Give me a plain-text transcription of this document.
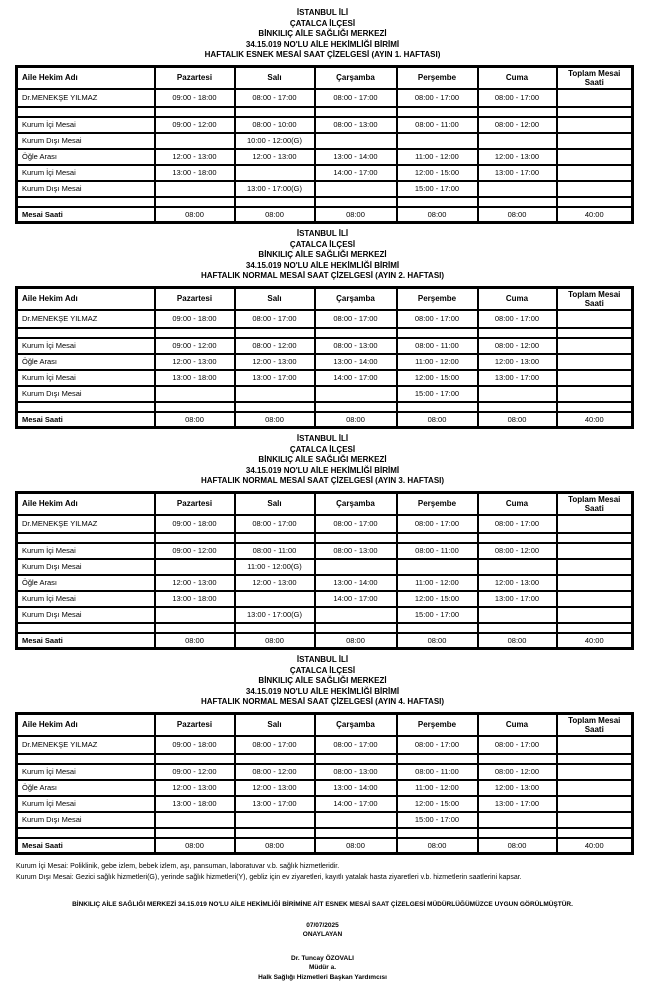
İSTANBUL İLİ
ÇATALCA İLÇESİ
BİNKILIÇ AİLE SAĞLIĞI MERKEZİ
34.15.019 NO'LU AİLE HEKİMLİĞİ BİRİMİ
HAFTALIK ESNEK MESAİ SAAT ÇİZELGESİ (AYIN 1. HAFTASI)
Aile Hekim Adı	Pazartesi	Salı	Çarşamba	Perşembe	Cuma	Toplam Mesai Saati
Dr.MENEKŞE YILMAZ	09:00 - 18:00	08:00 - 17:00	08:00 - 17:00	08:00 - 17:00	08:00 - 17:00	

Kurum İçi Mesai	09:00 - 12:00	08:00 - 10:00	08:00 - 13:00	08:00 - 11:00	08:00 - 12:00	
Kurum Dışı Mesai		10:00 - 12:00(G)				
Öğle Arası	12:00 - 13:00	12:00 - 13:00	13:00 - 14:00	11:00 - 12:00	12:00 - 13:00	
Kurum İçi Mesai	13:00 - 18:00		14:00 - 17:00	12:00 - 15:00	13:00 - 17:00	
Kurum Dışı Mesai		13:00 - 17:00(G)		15:00 - 17:00		

Mesai Saati	08:00	08:00	08:00	08:00	08:00	40:00
İSTANBUL İLİ
ÇATALCA İLÇESİ
BİNKILIÇ AİLE SAĞLIĞI MERKEZİ
34.15.019 NO'LU AİLE HEKİMLİĞİ BİRİMİ
HAFTALIK NORMAL MESAİ SAAT ÇİZELGESİ (AYIN 2. HAFTASI)
Aile Hekim Adı	Pazartesi	Salı	Çarşamba	Perşembe	Cuma	Toplam Mesai Saati
Dr.MENEKŞE YILMAZ	09:00 - 18:00	08:00 - 17:00	08:00 - 17:00	08:00 - 17:00	08:00 - 17:00	

Kurum İçi Mesai	09:00 - 12:00	08:00 - 12:00	08:00 - 13:00	08:00 - 11:00	08:00 - 12:00	
Öğle Arası	12:00 - 13:00	12:00 - 13:00	13:00 - 14:00	11:00 - 12:00	12:00 - 13:00	
Kurum İçi Mesai	13:00 - 18:00	13:00 - 17:00	14:00 - 17:00	12:00 - 15:00	13:00 - 17:00	
Kurum Dışı Mesai				15:00 - 17:00		

Mesai Saati	08:00	08:00	08:00	08:00	08:00	40:00
İSTANBUL İLİ
ÇATALCA İLÇESİ
BİNKILIÇ AİLE SAĞLIĞI MERKEZİ
34.15.019 NO'LU AİLE HEKİMLİĞİ BİRİMİ
HAFTALIK NORMAL MESAİ SAAT ÇİZELGESİ (AYIN 3. HAFTASI)
Aile Hekim Adı	Pazartesi	Salı	Çarşamba	Perşembe	Cuma	Toplam Mesai Saati
Dr.MENEKŞE YILMAZ	09:00 - 18:00	08:00 - 17:00	08:00 - 17:00	08:00 - 17:00	08:00 - 17:00	

Kurum İçi Mesai	09:00 - 12:00	08:00 - 11:00	08:00 - 13:00	08:00 - 11:00	08:00 - 12:00	
Kurum Dışı Mesai		11:00 - 12:00(G)				
Öğle Arası	12:00 - 13:00	12:00 - 13:00	13:00 - 14:00	11:00 - 12:00	12:00 - 13:00	
Kurum İçi Mesai	13:00 - 18:00		14:00 - 17:00	12:00 - 15:00	13:00 - 17:00	
Kurum Dışı Mesai		13:00 - 17:00(G)		15:00 - 17:00		

Mesai Saati	08:00	08:00	08:00	08:00	08:00	40:00
İSTANBUL İLİ
ÇATALCA İLÇESİ
BİNKILIÇ AİLE SAĞLIĞI MERKEZİ
34.15.019 NO'LU AİLE HEKİMLİĞİ BİRİMİ
HAFTALIK NORMAL MESAİ SAAT ÇİZELGESİ (AYIN 4. HAFTASI)
Aile Hekim Adı	Pazartesi	Salı	Çarşamba	Perşembe	Cuma	Toplam Mesai Saati
Dr.MENEKŞE YILMAZ	09:00 - 18:00	08:00 - 17:00	08:00 - 17:00	08:00 - 17:00	08:00 - 17:00	

Kurum İçi Mesai	09:00 - 12:00	08:00 - 12:00	08:00 - 13:00	08:00 - 11:00	08:00 - 12:00	
Öğle Arası	12:00 - 13:00	12:00 - 13:00	13:00 - 14:00	11:00 - 12:00	12:00 - 13:00	
Kurum İçi Mesai	13:00 - 18:00	13:00 - 17:00	14:00 - 17:00	12:00 - 15:00	13:00 - 17:00	
Kurum Dışı Mesai				15:00 - 17:00		

Mesai Saati	08:00	08:00	08:00	08:00	08:00	40:00
Kurum İçi Mesai: Poliklinik, gebe izlem, bebek izlem, aşı, pansuman, laboratuvar v.b. sağlık hizmetleridir.
Kurum Dışı Mesai: Gezici sağlık hizmetleri(G), yerinde sağlık hizmetleri(Y), gebliz için ev ziyaretleri, kayıtlı yatalak hasta ziyaretleri v.b. hizmetlerin saatlerini kapsar.
BİNKILIÇ AİLE SAĞLIĞI MERKEZİ 34.15.019 NO'LU AİLE HEKİMLİĞİ BİRİMİNE AİT ESNEK MESAİ SAAT ÇİZELGESİ MÜDÜRLÜĞÜMÜZCE UYGUN GÖRÜLMÜŞTÜR.
07/07/2025
ONAYLAYAN
Dr. Tuncay ÖZOVALI
Müdür a.
Halk Sağlığı Hizmetleri Başkan Yardımcısı
